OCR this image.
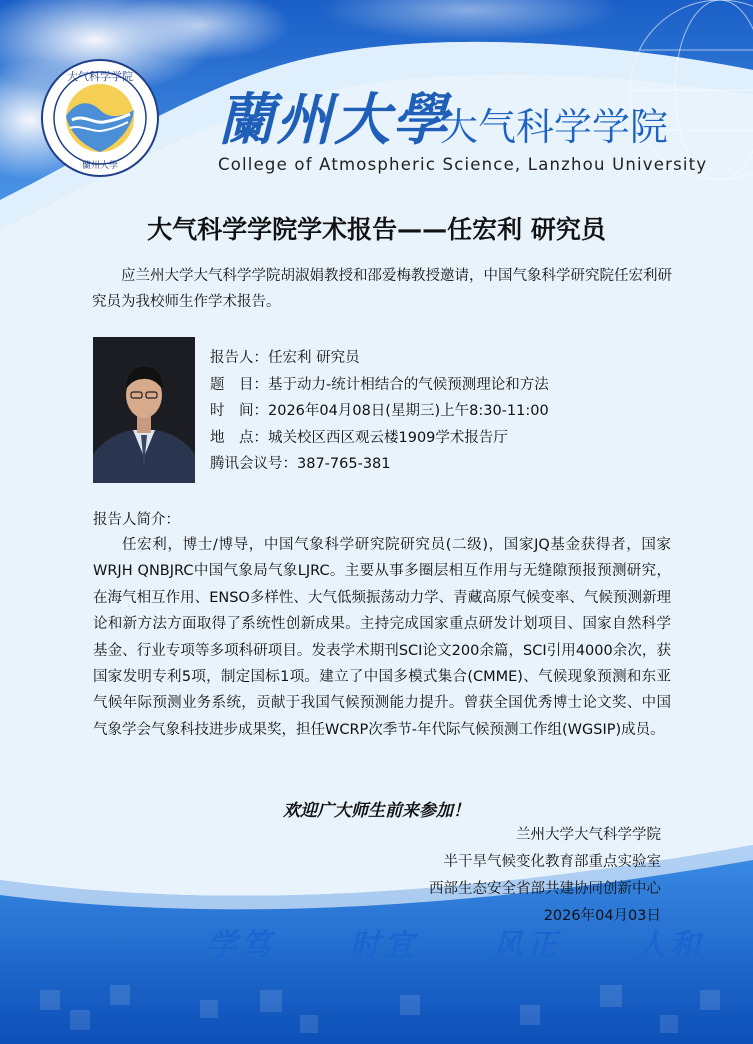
大气科学学院
蘭州大學
蘭州大學
大气科学学院
College of Atmospheric Science, Lanzhou University
大气科学学院学术报告——任宏利 研究员
应兰州大学大气科学学院胡淑娟教授和邵爱梅教授邀请，中国气象科学研究院任宏利研究员为我校师生作学术报告。
报告人：任宏利 研究员
题　目：基于动力-统计相结合的气候预测理论和方法
时　间：2026年04月08日(星期三)上午8:30-11:00
地　点：城关校区西区观云楼1909学术报告厅
腾讯会议号：387-765-381
报告人简介：
任宏利，博士/博导，中国气象科学研究院研究员(二级)，国家JQ基金获得者，国家WRJH QNBJRC中国气象局气象LJRC。主要从事多圈层相互作用与无缝隙预报预测研究，在海气相互作用、ENSO多样性、大气低频振荡动力学、青藏高原气候变率、气候预测新理论和新方法方面取得了系统性创新成果。主持完成国家重点研发计划项目、国家自然科学基金、行业专项等多项科研项目。发表学术期刊SCI论文200余篇，SCI引用4000余次，获国家发明专利5项，制定国标1项。建立了中国多模式集合(CMME)、气候现象预测和东亚气候年际预测业务系统，贡献于我国气候预测能力提升。曾获全国优秀博士论文奖、中国气象学会气象科技进步成果奖，担任WCRP次季节-年代际气候预测工作组(WGSIP)成员。
欢迎广大师生前来参加！
兰州大学大气科学学院
半干旱气候变化教育部重点实验室
西部生态安全省部共建协同创新中心
2026年04月03日
学笃	时宜	风正	人和
